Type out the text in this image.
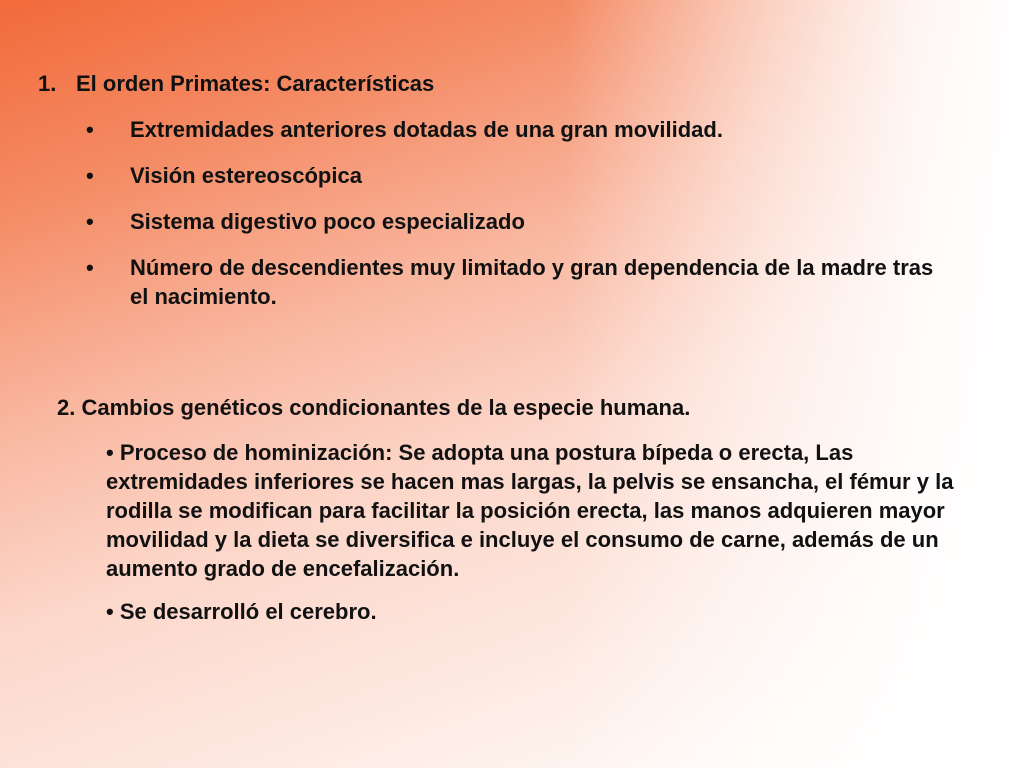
1. El orden Primates: Características
• Extremidades anteriores dotadas de una gran movilidad.
• Visión estereoscópica
• Sistema digestivo poco especializado
• Número de descendientes muy limitado y gran dependencia de la madre tras el nacimiento.
2. Cambios genéticos condicionantes de la especie humana.
• Proceso de hominización: Se adopta una postura bípeda o erecta, Las extremidades inferiores se hacen mas largas, la pelvis se ensancha, el fémur y la rodilla se modifican para facilitar la posición erecta, las manos adquieren mayor movilidad y la dieta se diversifica e incluye el consumo de carne, además de un aumento grado de encefalización.
• Se desarrolló el cerebro.
